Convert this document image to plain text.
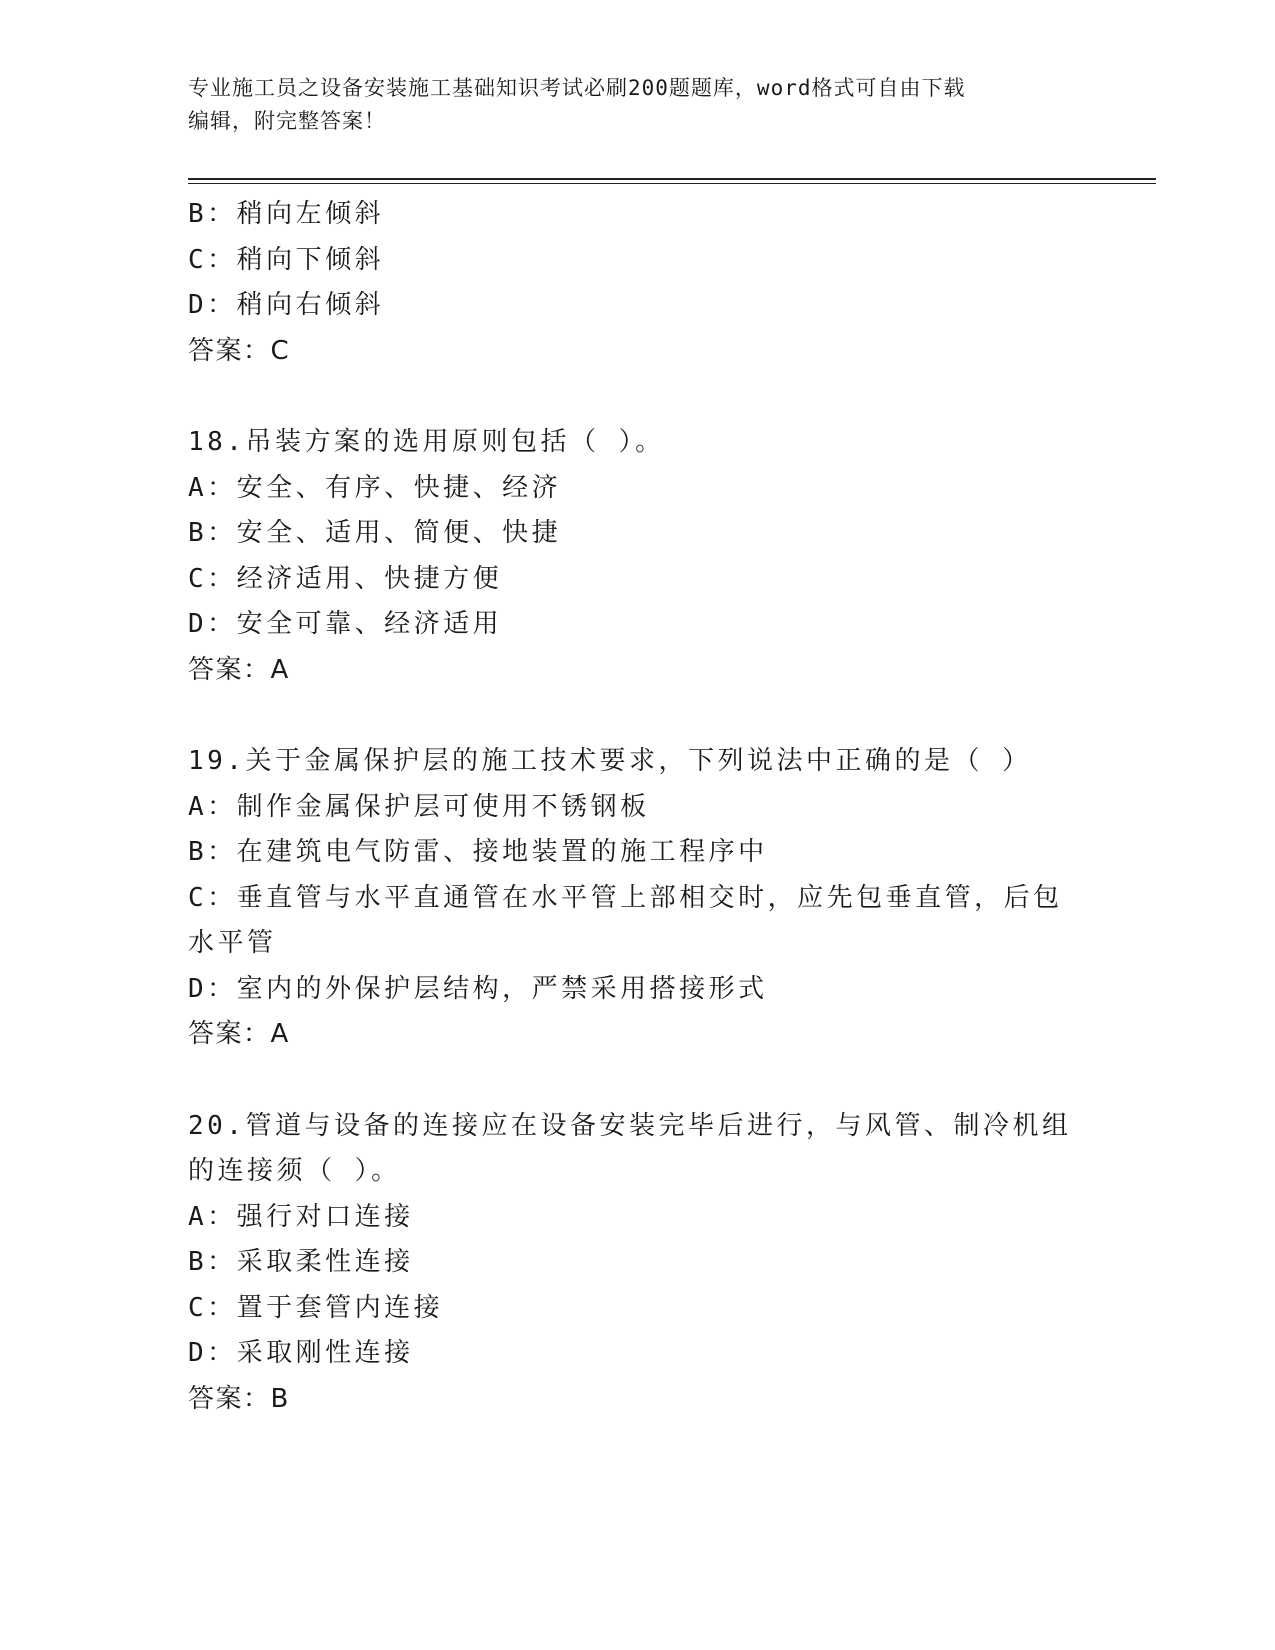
专业施工员之设备安装施工基础知识考试必刷200题题库，word格式可自由下载
编辑，附完整答案！
B：稍向左倾斜
C：稍向下倾斜
D：稍向右倾斜
答案：C
18.吊装方案的选用原则包括（ ）。
A：安全、有序、快捷、经济
B：安全、适用、简便、快捷
C：经济适用、快捷方便
D：安全可靠、经济适用
答案：A
19.关于金属保护层的施工技术要求，下列说法中正确的是（ ）
A：制作金属保护层可使用不锈钢板
B：在建筑电气防雷、接地装置的施工程序中
C：垂直管与水平直通管在水平管上部相交时，应先包垂直管，后包水平管
D：室内的外保护层结构，严禁采用搭接形式
答案：A
20.管道与设备的连接应在设备安装完毕后进行，与风管、制冷机组的连接须（ ）。
A：强行对口连接
B：采取柔性连接
C：置于套管内连接
D：采取刚性连接
答案：B
